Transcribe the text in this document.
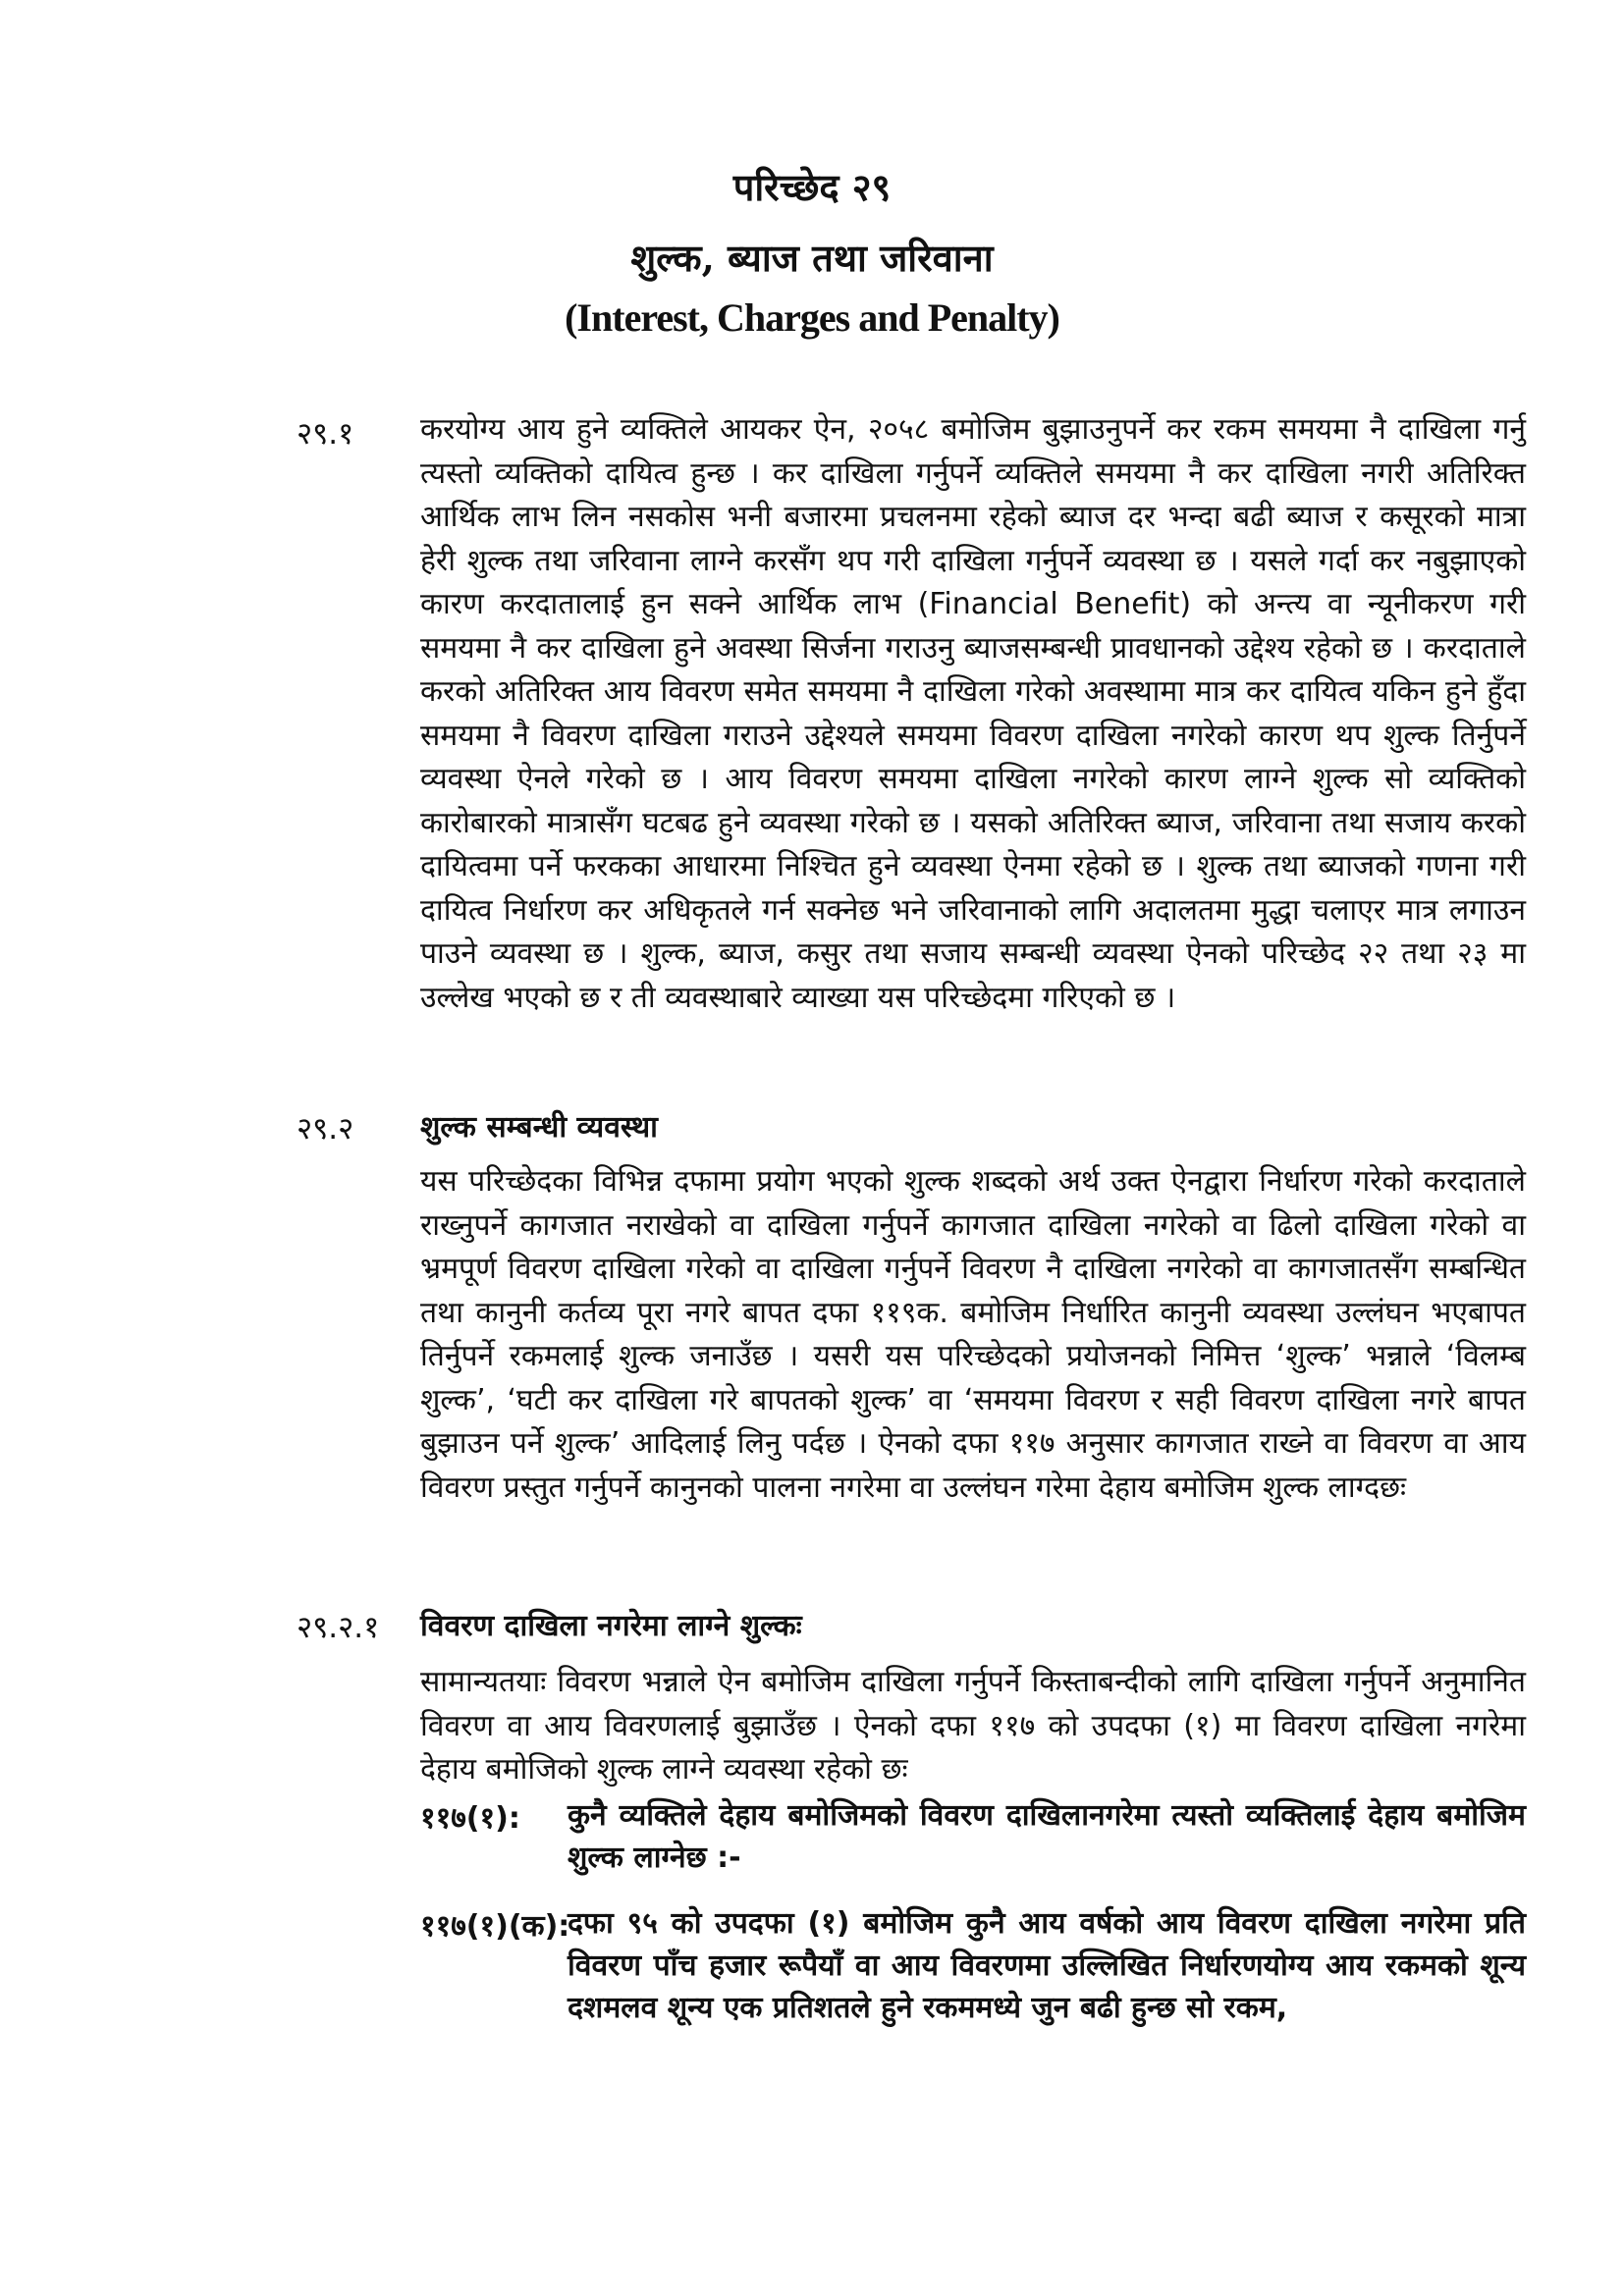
परिच्छेद २९
शुल्क, ब्याज तथा जरिवाना
(Interest, Charges and Penalty)
२९.१ करयोग्य आय हुने व्यक्तिले आयकर ऐन, २०५८ बमोजिम बुझाउनुपर्ने कर रकम समयमा नै दाखिला गर्नु त्यस्तो व्यक्तिको दायित्व हुन्छ । कर दाखिला गर्नुपर्ने व्यक्तिले समयमा नै कर दाखिला नगरी अतिरिक्त आर्थिक लाभ लिन नसकोस भनी बजारमा प्रचलनमा रहेको ब्याज दर भन्दा बढी ब्याज र कसूरको मात्रा हेरी शुल्क तथा जरिवाना लाग्ने करसँग थप गरी दाखिला गर्नुपर्ने व्यवस्था छ । यसले गर्दा कर नबुझाएको कारण करदातालाई हुन सक्ने आर्थिक लाभ (Financial Benefit) को अन्त्य वा न्यूनीकरण गरी समयमा नै कर दाखिला हुने अवस्था सिर्जना गराउनु ब्याजसम्बन्धी प्रावधानको उद्देश्य रहेको छ । करदाताले करको अतिरिक्त आय विवरण समेत समयमा नै दाखिला गरेको अवस्थामा मात्र कर दायित्व यकिन हुने हुँदा समयमा नै विवरण दाखिला गराउने उद्देश्यले समयमा विवरण दाखिला नगरेको कारण थप शुल्क तिर्नुपर्ने व्यवस्था ऐनले गरेको छ । आय विवरण समयमा दाखिला नगरेको कारण लाग्ने शुल्क सो व्यक्तिको कारोबारको मात्रासँग घटबढ हुने व्यवस्था गरेको छ । यसको अतिरिक्त ब्याज, जरिवाना तथा सजाय करको दायित्वमा पर्ने फरकका आधारमा निश्चित हुने व्यवस्था ऐनमा रहेको छ । शुल्क तथा ब्याजको गणना गरी दायित्व निर्धारण कर अधिकृतले गर्न सक्नेछ भने जरिवानाको लागि अदालतमा मुद्धा चलाएर मात्र लगाउन पाउने व्यवस्था छ । शुल्क, ब्याज, कसुर तथा सजाय सम्बन्धी व्यवस्था ऐनको परिच्छेद २२ तथा २३ मा उल्लेख भएको छ र ती व्यवस्थाबारे व्याख्या यस परिच्छेदमा गरिएको छ ।
२९.२ शुल्क सम्बन्धी व्यवस्था
यस परिच्छेदका विभिन्न दफामा प्रयोग भएको शुल्क शब्दको अर्थ उक्त ऐनद्वारा निर्धारण गरेको करदाताले राख्नुपर्ने कागजात नराखेको वा दाखिला गर्नुपर्ने कागजात दाखिला नगरेको वा ढिलो दाखिला गरेको वा भ्रमपूर्ण विवरण दाखिला गरेको वा दाखिला गर्नुपर्ने विवरण नै दाखिला नगरेको वा कागजातसँग सम्बन्धित तथा कानुनी कर्तव्य पूरा नगरे बापत दफा ११९क. बमोजिम निर्धारित कानुनी व्यवस्था उल्लंघन भएबापत तिर्नुपर्ने रकमलाई शुल्क जनाउँछ । यसरी यस परिच्छेदको प्रयोजनको निमित्त ‘शुल्क’ भन्नाले ‘विलम्ब शुल्क’, ‘घटी कर दाखिला गरे बापतको शुल्क’ वा ‘समयमा विवरण र सही विवरण दाखिला नगरे बापत बुझाउन पर्ने शुल्क’ आदिलाई लिनु पर्दछ । ऐनको दफा ११७ अनुसार कागजात राख्ने वा विवरण वा आय विवरण प्रस्तुत गर्नुपर्ने कानुनको पालना नगरेमा वा उल्लंघन गरेमा देहाय बमोजिम शुल्क लाग्दछः
२९.२.१ विवरण दाखिला नगरेमा लाग्ने शुल्कः
सामान्यतयाः विवरण भन्नाले ऐन बमोजिम दाखिला गर्नुपर्ने किस्ताबन्दीको लागि दाखिला गर्नुपर्ने अनुमानित विवरण वा आय विवरणलाई बुझाउँछ । ऐनको दफा ११७ को उपदफा (१) मा विवरण दाखिला नगरेमा देहाय बमोजिको शुल्क लाग्ने व्यवस्था रहेको छः
११७(१): कुनै व्यक्तिले देहाय बमोजिमको विवरण दाखिलानगरेमा त्यस्तो व्यक्तिलाई देहाय बमोजिम शुल्क लाग्नेछ :-
११७(१)(क):
दफा ९५ को उपदफा (१) बमोजिम कुनै आय वर्षको आय विवरण दाखिला नगरेमा प्रति विवरण पाँच हजार रूपैयाँ वा आय विवरणमा उल्लिखित निर्धारणयोग्य आय रकमको शून्य दशमलव शून्य एक प्रतिशतले हुने रकममध्ये जुन बढी हुन्छ सो रकम,
